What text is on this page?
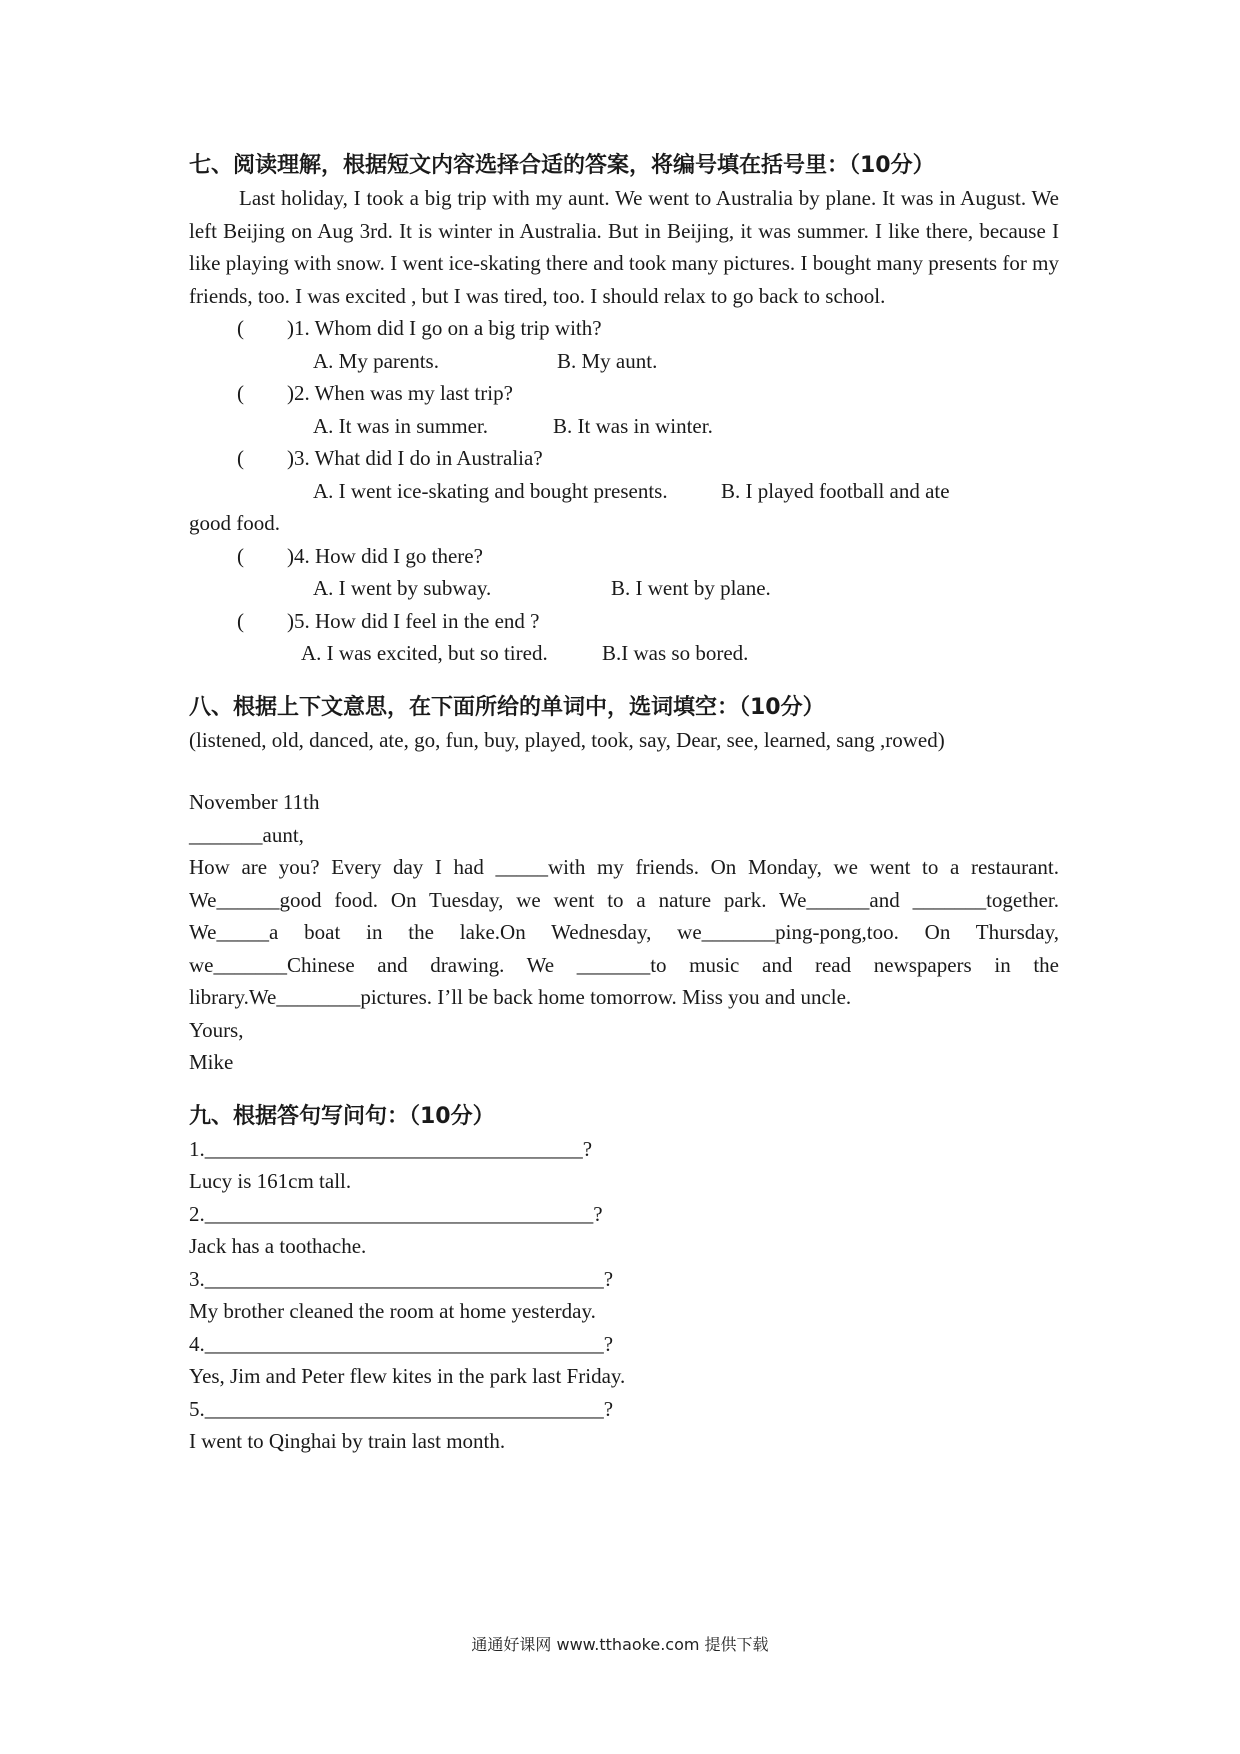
七、阅读理解，根据短文内容选择合适的答案，将编号填在括号里：（10分）

Last holiday, I took a big trip with my aunt. We went to Australia by plane. It was in August. We left Beijing on Aug 3rd. It is winter in Australia. But in Beijing, it was summer. I like there, because I like playing with snow. I went ice-skating there and took many pictures. I bought many presents for my friends, too. I was excited , but I was tired, too. I should relax to go back to school.

(	)1. Whom did I go on a big trip with?

A. My parents.	B. My aunt.

(	)2. When was my last trip?

A. It was in summer.	B. It was in winter.

(	)3. What did I do in Australia?

A. I went ice-skating and bought presents.	B. I played football and ate

good food.

(	)4. How did I go there?

A. I went by subway.	B. I went by plane.

(	)5. How did I feel in the end ?

A. I was excited, but so tired.	B.I was so bored.

八、根据上下文意思，在下面所给的单词中，选词填空：（10分）

(listened, old, danced, ate, go, fun, buy, played, took, say, Dear, see, learned, sang ,rowed)

November 11th

_______aunt,

How are you? Every day I had _____with my friends. On Monday, we went to a restaurant. We______good food. On Tuesday, we went to a nature park. We______and _______together. We_____a boat in the lake.On Wednesday, we_______ping-pong,too. On Thursday, we_______Chinese and drawing. We _______to music and read newspapers in the library.We________pictures. I’ll be back home tomorrow. Miss you and uncle.

Yours,

Mike

九、根据答句写问句：（10分）

1.____________________________________?

Lucy is 161cm tall.

2._____________________________________?

Jack has a toothache.

3.______________________________________?

My brother cleaned the room at home yesterday.

4.______________________________________?

Yes, Jim and Peter flew kites in the park last Friday.

5.______________________________________?

I went to Qinghai by train last month.

通通好课网 www.tthaoke.com 提供下载
